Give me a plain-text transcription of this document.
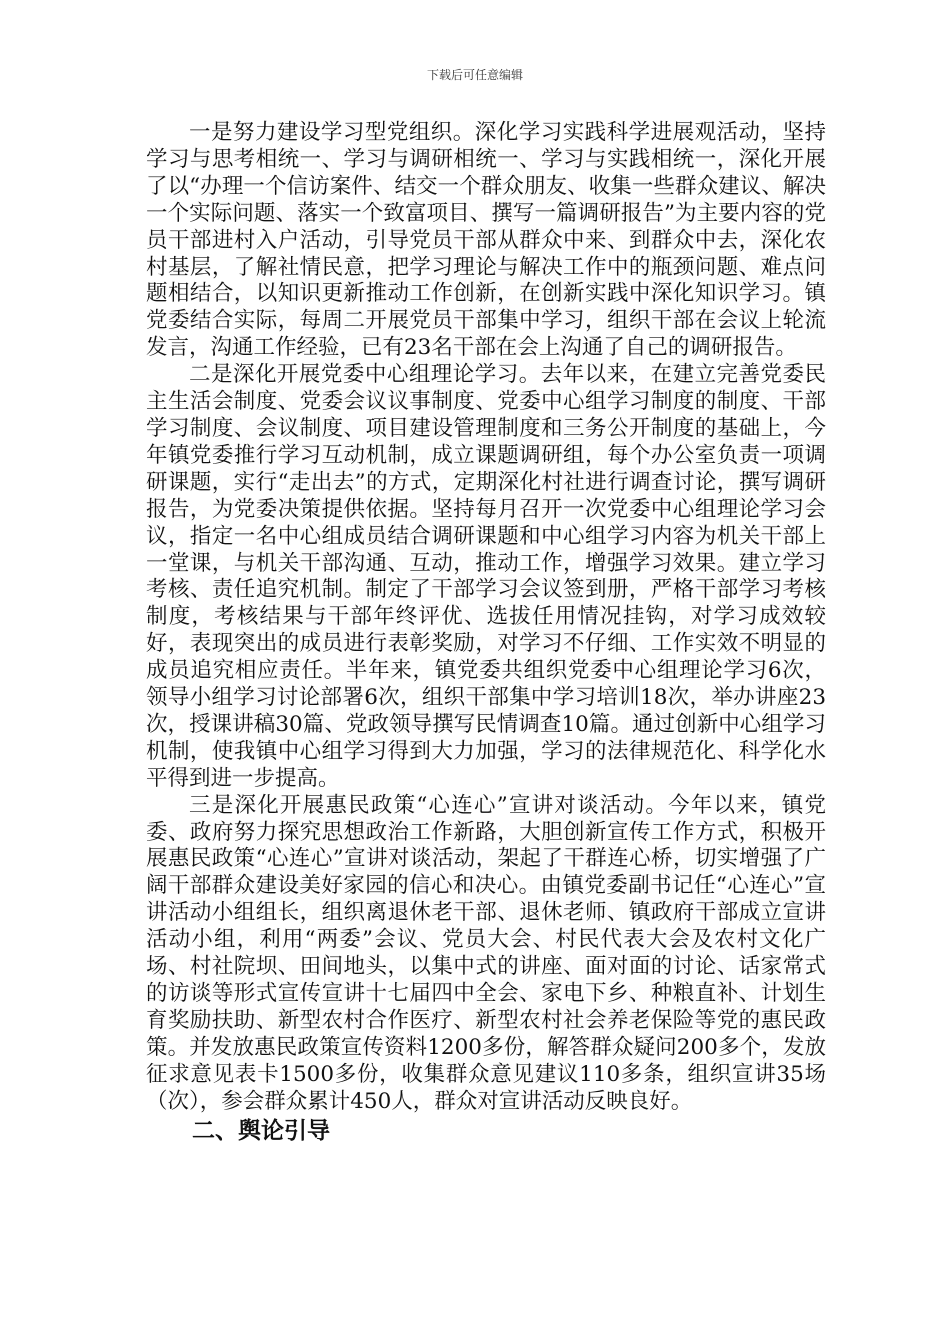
下载后可任意编辑

一是努力建设学习型党组织。深化学习实践科学进展观活动，坚持学习与思考相统一、学习与调研相统一、学习与实践相统一，深化开展了以“办理一个信访案件、结交一个群众朋友、收集一些群众建议、解决一个实际问题、落实一个致富项目、撰写一篇调研报告”为主要内容的党员干部进村入户活动，引导党员干部从群众中来、到群众中去，深化农村基层，了解社情民意，把学习理论与解决工作中的瓶颈问题、难点问题相结合，以知识更新推动工作创新，在创新实践中深化知识学习。镇党委结合实际，每周二开展党员干部集中学习，组织干部在会议上轮流发言，沟通工作经验，已有23名干部在会上沟通了自己的调研报告。

二是深化开展党委中心组理论学习。去年以来，在建立完善党委民主生活会制度、党委会议议事制度、党委中心组学习制度的制度、干部学习制度、会议制度、项目建设管理制度和三务公开制度的基础上，今年镇党委推行学习互动机制，成立课题调研组，每个办公室负责一项调研课题，实行“走出去”的方式，定期深化村社进行调查讨论，撰写调研报告，为党委决策提供依据。坚持每月召开一次党委中心组理论学习会议，指定一名中心组成员结合调研课题和中心组学习内容为机关干部上一堂课，与机关干部沟通、互动，推动工作，增强学习效果。建立学习考核、责任追究机制。制定了干部学习会议签到册，严格干部学习考核制度，考核结果与干部年终评优、选拔任用情况挂钩，对学习成效较好，表现突出的成员进行表彰奖励，对学习不仔细、工作实效不明显的成员追究相应责任。半年来，镇党委共组织党委中心组理论学习6次，领导小组学习讨论部署6次，组织干部集中学习培训18次，举办讲座23次，授课讲稿30篇、党政领导撰写民情调查10篇。通过创新中心组学习机制，使我镇中心组学习得到大力加强，学习的法律规范化、科学化水平得到进一步提高。

三是深化开展惠民政策“心连心”宣讲对谈活动。今年以来，镇党委、政府努力探究思想政治工作新路，大胆创新宣传工作方式，积极开展惠民政策“心连心”宣讲对谈活动，架起了干群连心桥，切实增强了广阔干部群众建设美好家园的信心和决心。由镇党委副书记任“心连心”宣讲活动小组组长，组织离退休老干部、退休老师、镇政府干部成立宣讲活动小组，利用“两委”会议、党员大会、村民代表大会及农村文化广场、村社院坝、田间地头，以集中式的讲座、面对面的讨论、话家常式的访谈等形式宣传宣讲十七届四中全会、家电下乡、种粮直补、计划生育奖励扶助、新型农村合作医疗、新型农村社会养老保险等党的惠民政策。并发放惠民政策宣传资料1200多份，解答群众疑问200多个，发放征求意见表卡1500多份，收集群众意见建议110多条，组织宣讲35场（次），参会群众累计450人，群众对宣讲活动反映良好。

二、舆论引导
